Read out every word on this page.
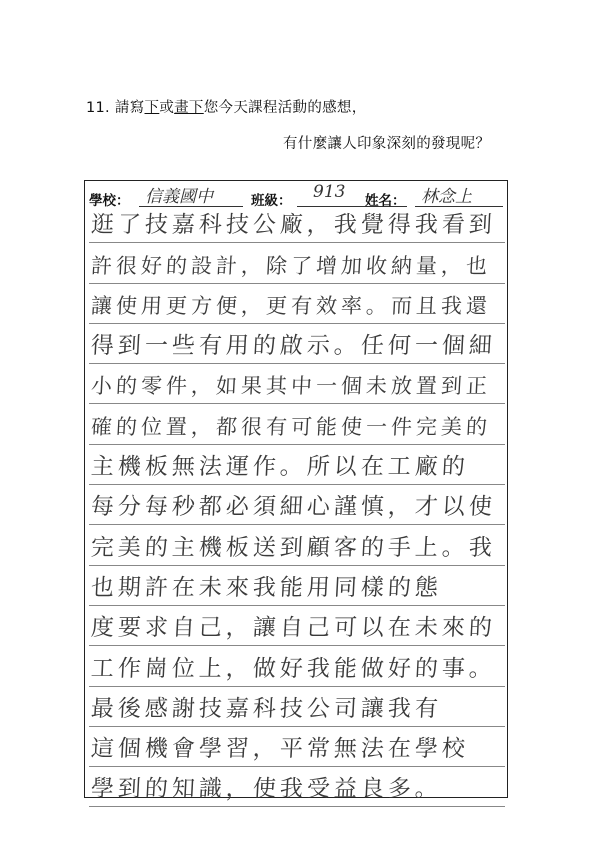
11. 請寫下或畫下您今天課程活動的感想，
有什麼讓人印象深刻的發現呢？
學校： 信義國中	班級： 913 姓名： 林念上
逛了技嘉科技公廠，我覺得我看到
許很好的設計，除了增加收納量，也
讓使用更方便，更有效率。而且我還
得到一些有用的啟示。任何一個細
小的零件，如果其中一個未放置到正
確的位置，都很有可能使一件完美的
主機板無法運作。所以在工廠的
每分每秒都必須細心謹慎，才以使
完美的主機板送到顧客的手上。我
也期許在未來我能用同樣的態
度要求自己，讓自己可以在未來的
工作崗位上，做好我能做好的事。
最後感謝技嘉科技公司讓我有
這個機會學習，平常無法在學校
學到的知識，使我受益良多。
